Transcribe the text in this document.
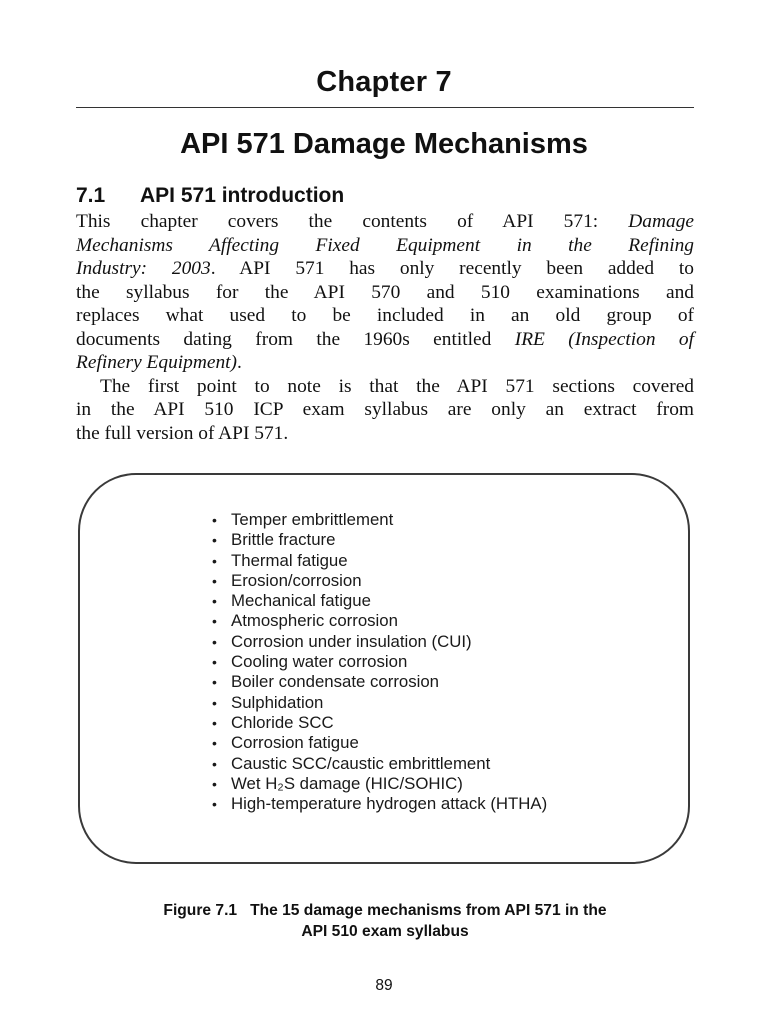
Chapter 7
API 571 Damage Mechanisms
7.1 API 571 introduction

This chapter covers the contents of API 571: Damage
Mechanisms Affecting Fixed Equipment in the Refining
Industry: 2003. API 571 has only recently been added to
the syllabus for the API 570 and 510 examinations and
replaces what used to be included in an old group of
documents dating from the 1960s entitled IRE (Inspection of
Refinery Equipment).

The first point to note is that the API 571 sections covered
in the API 510 ICP exam syllabus are only an extract from
the full version of API 571.

• Temper embrittlement
• Brittle fracture
• Thermal fatigue
• Erosion/corrosion
• Mechanical fatigue
• Atmospheric corrosion
• Corrosion under insulation (CUI)
• Cooling water corrosion
• Boiler condensate corrosion
• Sulphidation
• Chloride SCC
• Corrosion fatigue
• Caustic SCC/caustic embrittlement
• Wet H₂S damage (HIC/SOHIC)
• High-temperature hydrogen attack (HTHA)
Figure 7.1   The 15 damage mechanisms from API 571 in the
API 510 exam syllabus
89
